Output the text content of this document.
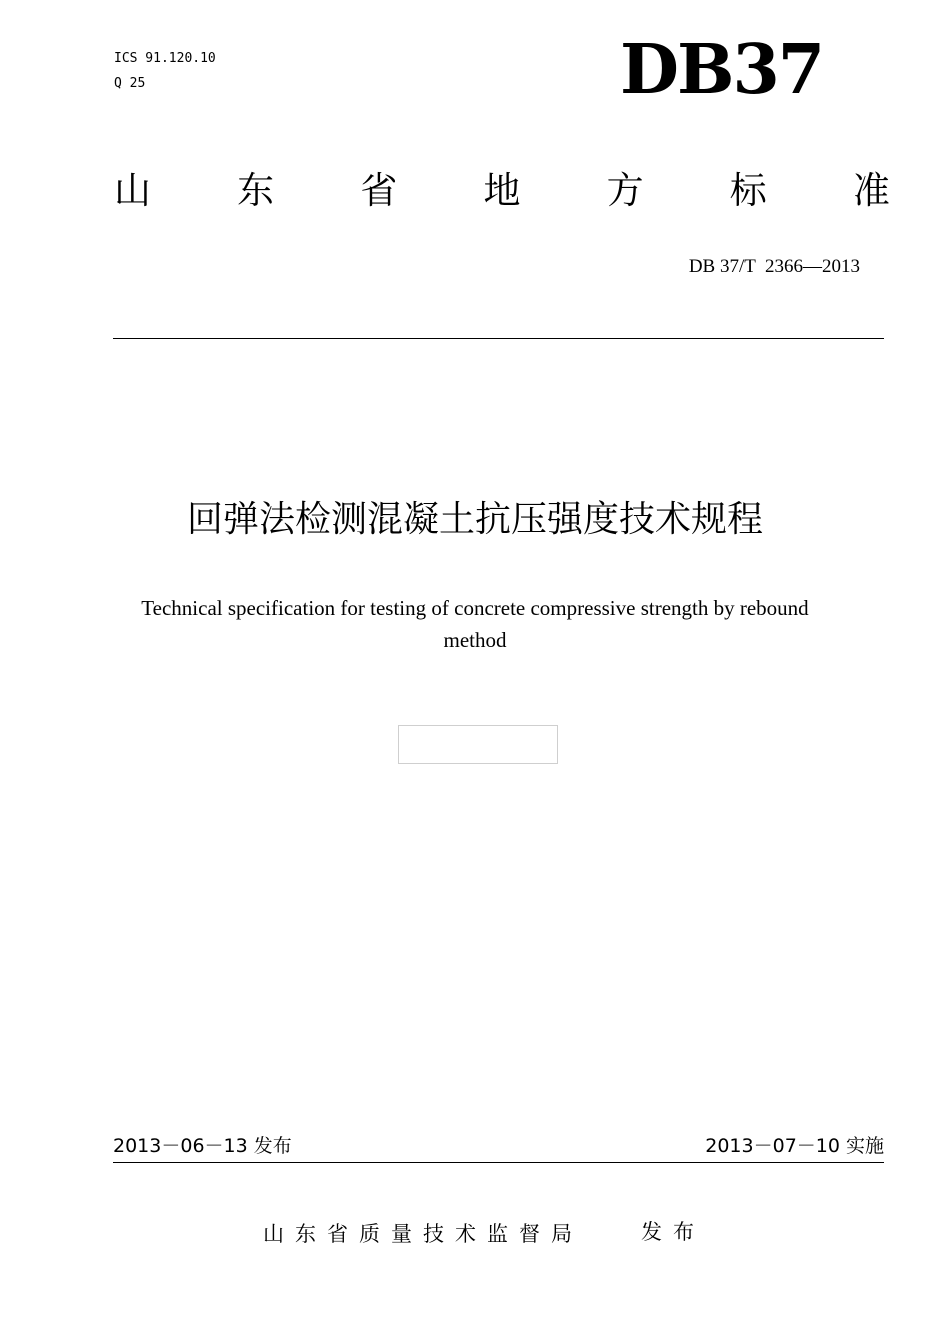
ICS 91.120.10
Q 25	DB37
山 东 省 地 方 标 准
DB 37/T  2366—2013
回弹法检测混凝土抗压强度技术规程
Technical specification for testing of concrete compressive strength by rebound
method
2013－06－13 发布	2013－07－10 实施
山东省质量技术监督局	发布
